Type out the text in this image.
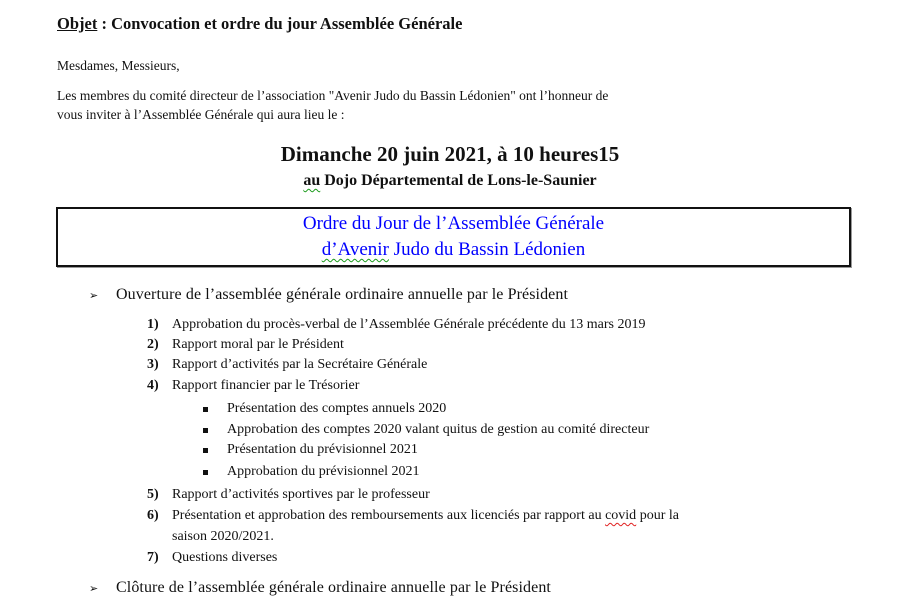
Objet : Convocation et ordre du jour Assemblée Générale
Mesdames, Messieurs,
Les membres du comité directeur de l’association "Avenir Judo du Bassin Lédonien" ont l’honneur de
vous inviter à l’Assemblée Générale qui aura lieu le :
Dimanche 20 juin 2021, à 10 heures15
au Dojo Départemental de Lons-le-Saunier
Ordre du Jour de l’Assemblée Générale
d’Avenir Judo du Bassin Lédonien
➢ Ouverture de l’assemblée générale ordinaire annuelle par le Président
1) Approbation du procès-verbal de l’Assemblée Générale précédente du 13 mars 2019
2) Rapport moral par le Président
3) Rapport d’activités par la Secrétaire Générale
4) Rapport financier par le Trésorier
Présentation des comptes annuels 2020
Approbation des comptes 2020 valant quitus de gestion au comité directeur
Présentation du prévisionnel 2021
Approbation du prévisionnel 2021
5) Rapport d’activités sportives par le professeur
6) Présentation et approbation des remboursements aux licenciés par rapport au covid pour la
saison 2020/2021.
7) Questions diverses
➢ Clôture de l’assemblée générale ordinaire annuelle par le Président
